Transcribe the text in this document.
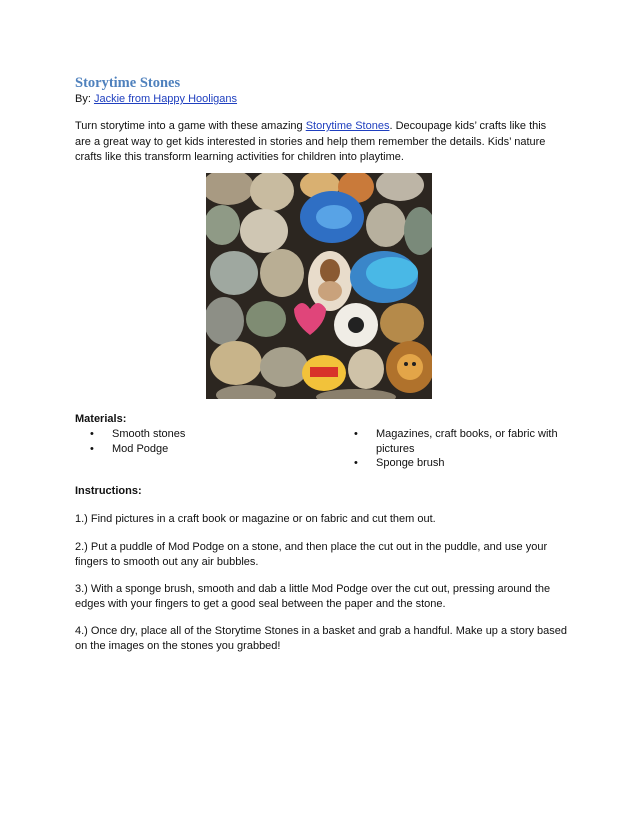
Storytime Stones

By: Jackie from Happy Hooligans

Turn storytime into a game with these amazing Storytime Stones. Decoupage kids’ crafts like this are a great way to get kids interested in stories and help them remember the details. Kids’ nature crafts like this transform learning activities for children into playtime.

Materials:
• Smooth stones
• Mod Podge
• Magazines, craft books, or fabric with pictures
• Sponge brush
Instructions:

1.) Find pictures in a craft book or magazine or on fabric and cut them out.

2.) Put a puddle of Mod Podge on a stone, and then place the cut out in the puddle, and use your fingers to smooth out any air bubbles.

3.) With a sponge brush, smooth and dab a little Mod Podge over the cut out, pressing around the edges with your fingers to get a good seal between the paper and the stone.

4.) Once dry, place all of the Storytime Stones in a basket and grab a handful. Make up a story based on the images on the stones you grabbed!
